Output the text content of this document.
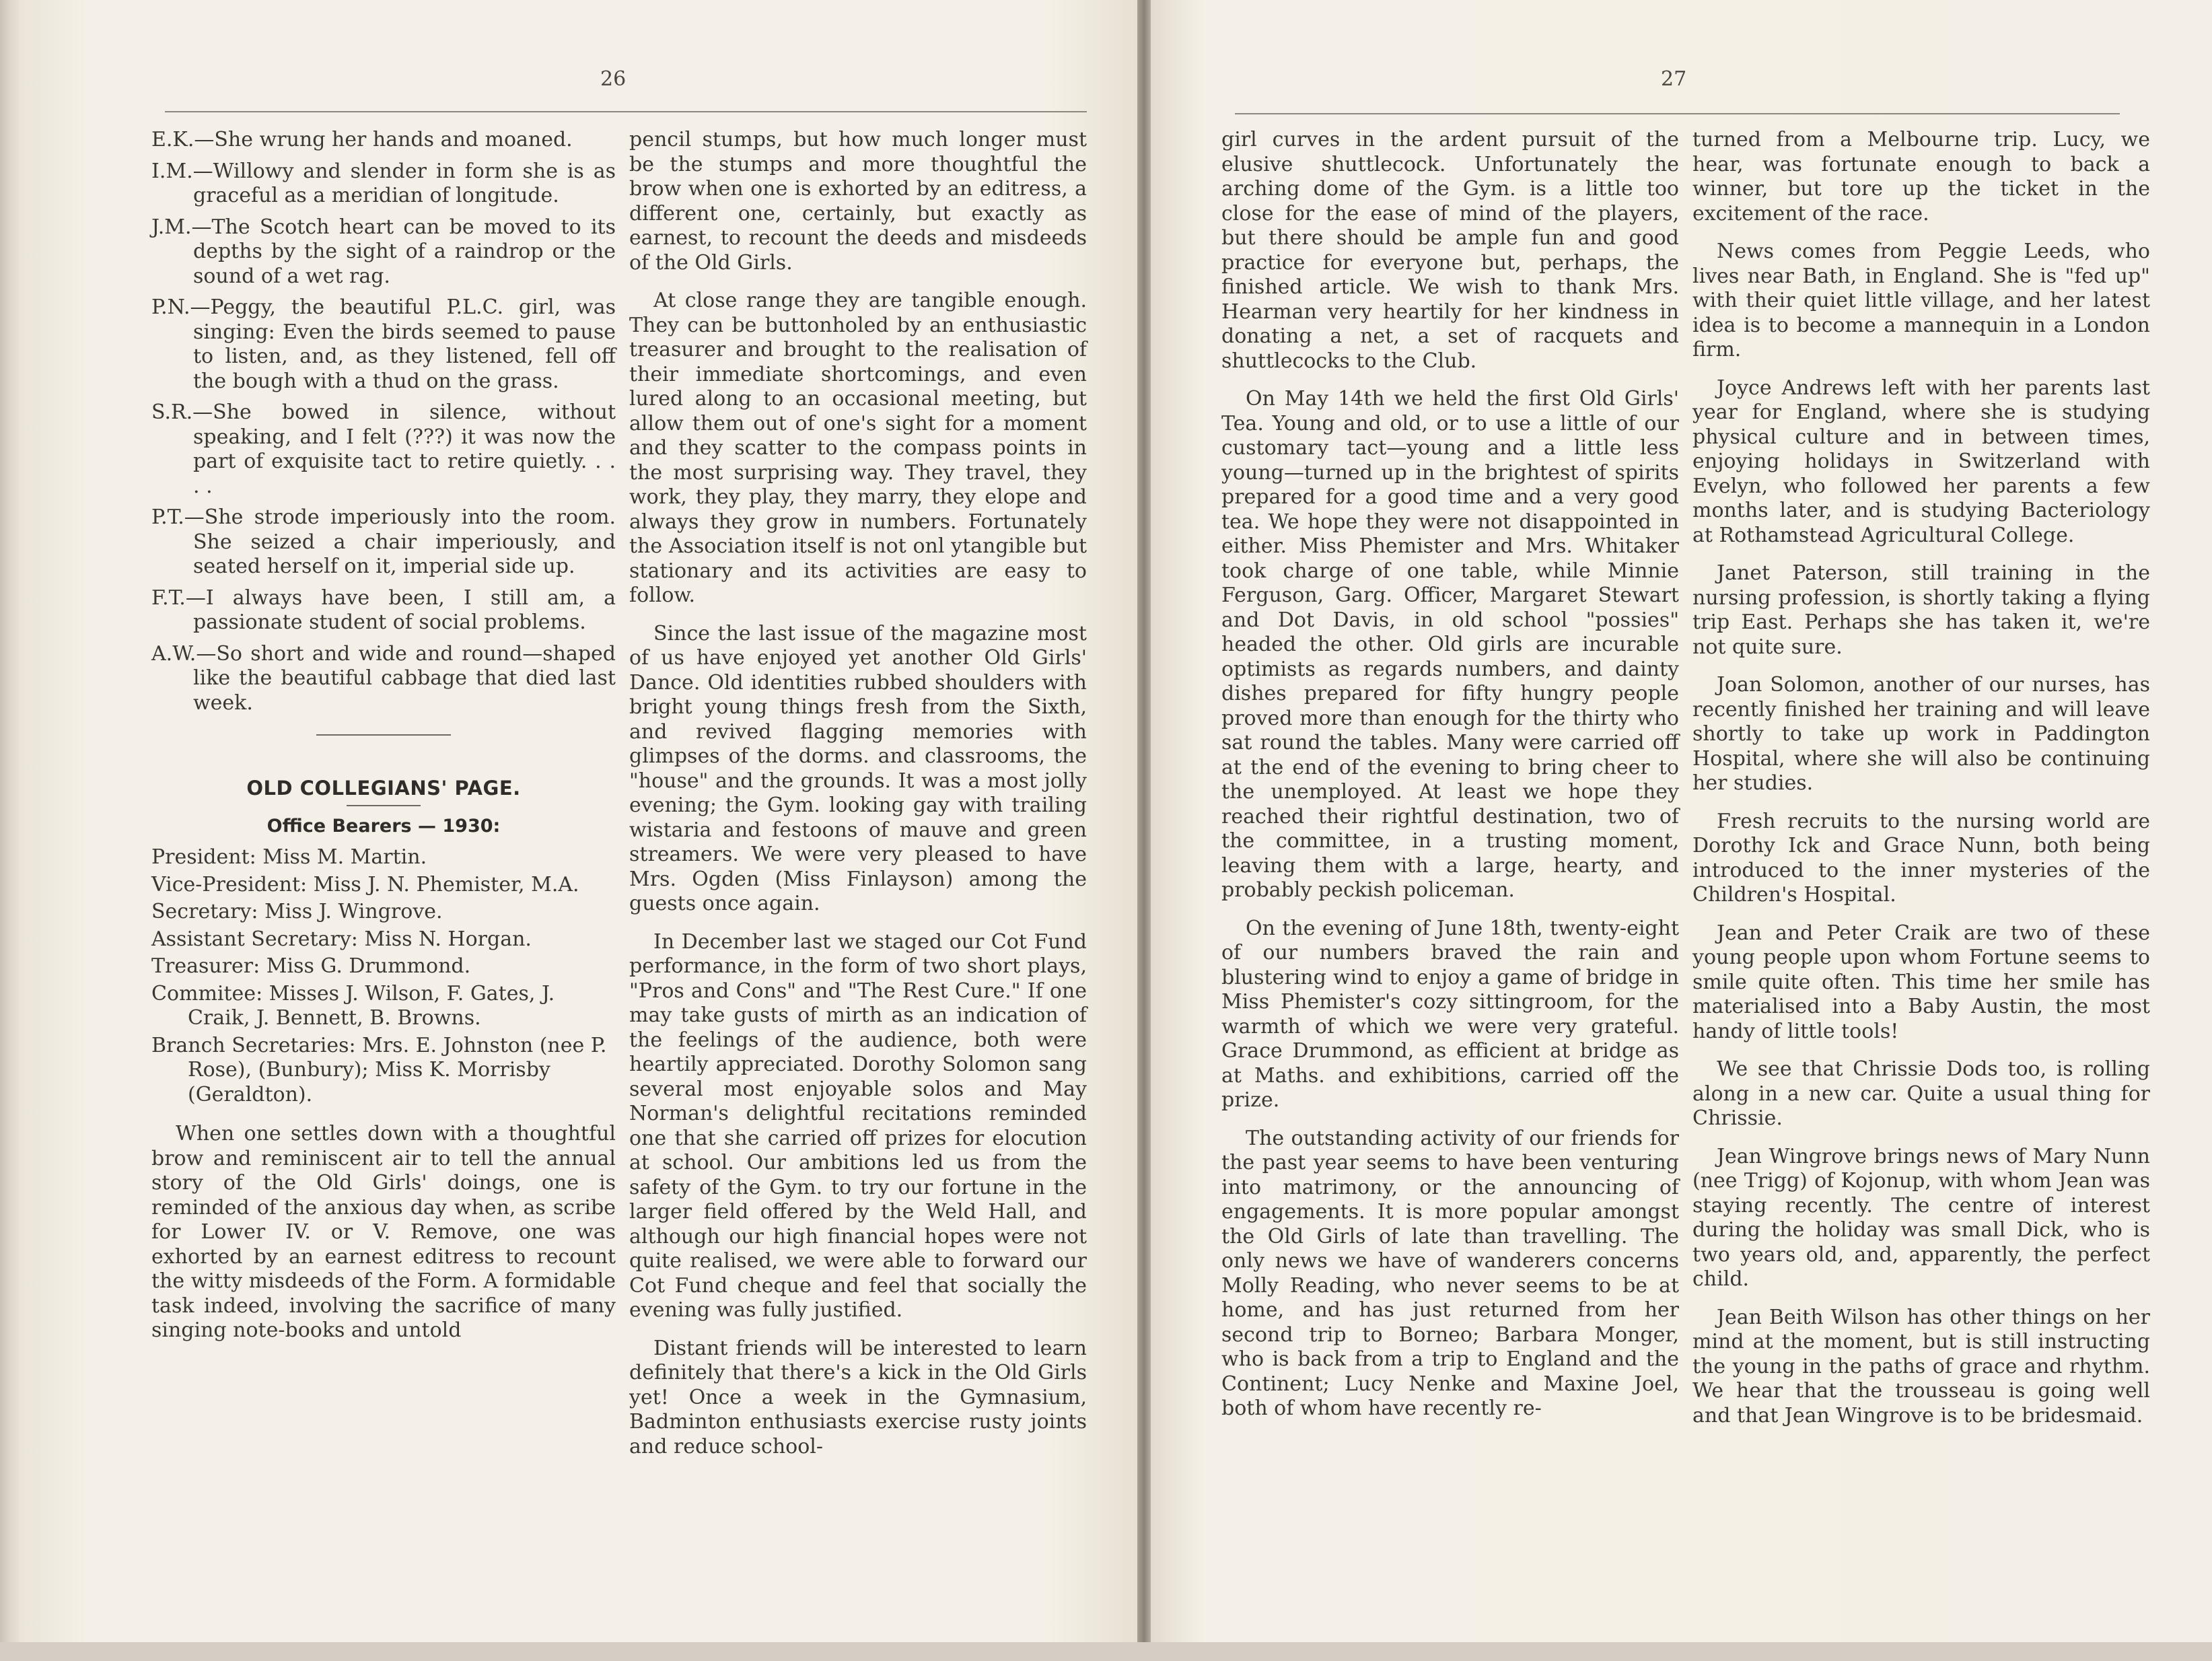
26
E.K.—She wrung her hands and moaned.
I.M.—Willowy and slender in form she is as graceful as a meridian of longitude.
J.M.—The Scotch heart can be moved to its depths by the sight of a raindrop or the sound of a wet rag.
P.N.—Peggy, the beautiful P.L.C. girl, was singing: Even the birds seemed to pause to listen, and, as they listened, fell off the bough with a thud on the grass.
S.R.—She bowed in silence, without speaking, and I felt (???) it was now the part of exquisite tact to retire quietly. . . . .
P.T.—She strode imperiously into the room. She seized a chair imperiously, and seated herself on it, imperial side up.
F.T.—I always have been, I still am, a passionate student of social problems.
A.W.—So short and wide and round—shaped like the beautiful cabbage that died last week.
OLD COLLEGIANS' PAGE.
Office Bearers — 1930:
President: Miss M. Martin.
Vice-President: Miss J. N. Phemister, M.A.
Secretary: Miss J. Wingrove.
Assistant Secretary: Miss N. Horgan.
Treasurer: Miss G. Drummond.
Commitee: Misses J. Wilson, F. Gates, J. Craik, J. Bennett, B. Browns.
Branch Secretaries: Mrs. E. Johnston (nee P. Rose), (Bunbury); Miss K. Morrisby (Geraldton).

When one settles down with a thoughtful brow and reminiscent air to tell the annual story of the Old Girls' doings, one is reminded of the anxious day when, as scribe for Lower IV. or V. Remove, one was exhorted by an earnest editress to recount the witty misdeeds of the Form. A formidable task indeed, involving the sacrifice of many singing note-books and untold

pencil stumps, but how much longer must be the stumps and more thoughtful the brow when one is exhorted by an editress, a different one, certainly, but exactly as earnest, to recount the deeds and misdeeds of the Old Girls.

At close range they are tangible enough. They can be buttonholed by an enthusiastic treasurer and brought to the realisation of their immediate shortcomings, and even lured along to an occasional meeting, but allow them out of one's sight for a moment and they scatter to the compass points in the most surprising way. They travel, they work, they play, they marry, they elope and always they grow in numbers. Fortunately the Association itself is not onl ytangible but stationary and its activities are easy to follow.

Since the last issue of the magazine most of us have enjoyed yet another Old Girls' Dance. Old identities rubbed shoulders with bright young things fresh from the Sixth, and revived flagging memories with glimpses of the dorms. and classrooms, the "house" and the grounds. It was a most jolly evening; the Gym. looking gay with trailing wistaria and festoons of mauve and green streamers. We were very pleased to have Mrs. Ogden (Miss Finlayson) among the guests once again.

In December last we staged our Cot Fund performance, in the form of two short plays, "Pros and Cons" and "The Rest Cure." If one may take gusts of mirth as an indication of the feelings of the audience, both were heartily appreciated. Dorothy Solomon sang several most enjoyable solos and May Norman's delightful recitations reminded one that she carried off prizes for elocution at school. Our ambitions led us from the safety of the Gym. to try our fortune in the larger field offered by the Weld Hall, and although our high financial hopes were not quite realised, we were able to forward our Cot Fund cheque and feel that socially the evening was fully justified.

Distant friends will be interested to learn definitely that there's a kick in the Old Girls yet! Once a week in the Gymnasium, Badminton enthusiasts exercise rusty joints and reduce school-

27

girl curves in the ardent pursuit of the elusive shuttlecock. Unfortunately the arching dome of the Gym. is a little too close for the ease of mind of the players, but there should be ample fun and good practice for everyone but, perhaps, the finished article. We wish to thank Mrs. Hearman very heartily for her kindness in donating a net, a set of racquets and shuttlecocks to the Club.

On May 14th we held the first Old Girls' Tea. Young and old, or to use a little of our customary tact—young and a little less young—turned up in the brightest of spirits prepared for a good time and a very good tea. We hope they were not disappointed in either. Miss Phemister and Mrs. Whitaker took charge of one table, while Minnie Ferguson, Garg. Officer, Margaret Stewart and Dot Davis, in old school "possies" headed the other. Old girls are incurable optimists as regards numbers, and dainty dishes prepared for fifty hungry people proved more than enough for the thirty who sat round the tables. Many were carried off at the end of the evening to bring cheer to the unemployed. At least we hope they reached their rightful destination, two of the committee, in a trusting moment, leaving them with a large, hearty, and probably peckish policeman.

On the evening of June 18th, twenty-eight of our numbers braved the rain and blustering wind to enjoy a game of bridge in Miss Phemister's cozy sittingroom, for the warmth of which we were very grateful. Grace Drummond, as efficient at bridge as at Maths. and exhibitions, carried off the prize.

The outstanding activity of our friends for the past year seems to have been venturing into matrimony, or the announcing of engagements. It is more popular amongst the Old Girls of late than travelling. The only news we have of wanderers concerns Molly Reading, who never seems to be at home, and has just returned from her second trip to Borneo; Barbara Monger, who is back from a trip to England and the Continent; Lucy Nenke and Maxine Joel, both of whom have recently re-

turned from a Melbourne trip. Lucy, we hear, was fortunate enough to back a winner, but tore up the ticket in the excitement of the race.

News comes from Peggie Leeds, who lives near Bath, in England. She is "fed up" with their quiet little village, and her latest idea is to become a mannequin in a London firm.

Joyce Andrews left with her parents last year for England, where she is studying physical culture and in between times, enjoying holidays in Switzerland with Evelyn, who followed her parents a few months later, and is studying Bacteriology at Rothamstead Agricultural College.

Janet Paterson, still training in the nursing profession, is shortly taking a flying trip East. Perhaps she has taken it, we're not quite sure.

Joan Solomon, another of our nurses, has recently finished her training and will leave shortly to take up work in Paddington Hospital, where she will also be continuing her studies.

Fresh recruits to the nursing world are Dorothy Ick and Grace Nunn, both being introduced to the inner mysteries of the Children's Hospital.

Jean and Peter Craik are two of these young people upon whom Fortune seems to smile quite often. This time her smile has materialised into a Baby Austin, the most handy of little tools!

We see that Chrissie Dods too, is rolling along in a new car. Quite a usual thing for Chrissie.

Jean Wingrove brings news of Mary Nunn (nee Trigg) of Kojonup, with whom Jean was staying recently. The centre of interest during the holiday was small Dick, who is two years old, and, apparently, the perfect child.

Jean Beith Wilson has other things on her mind at the moment, but is still instructing the young in the paths of grace and rhythm. We hear that the trousseau is going well and that Jean Wingrove is to be bridesmaid.
